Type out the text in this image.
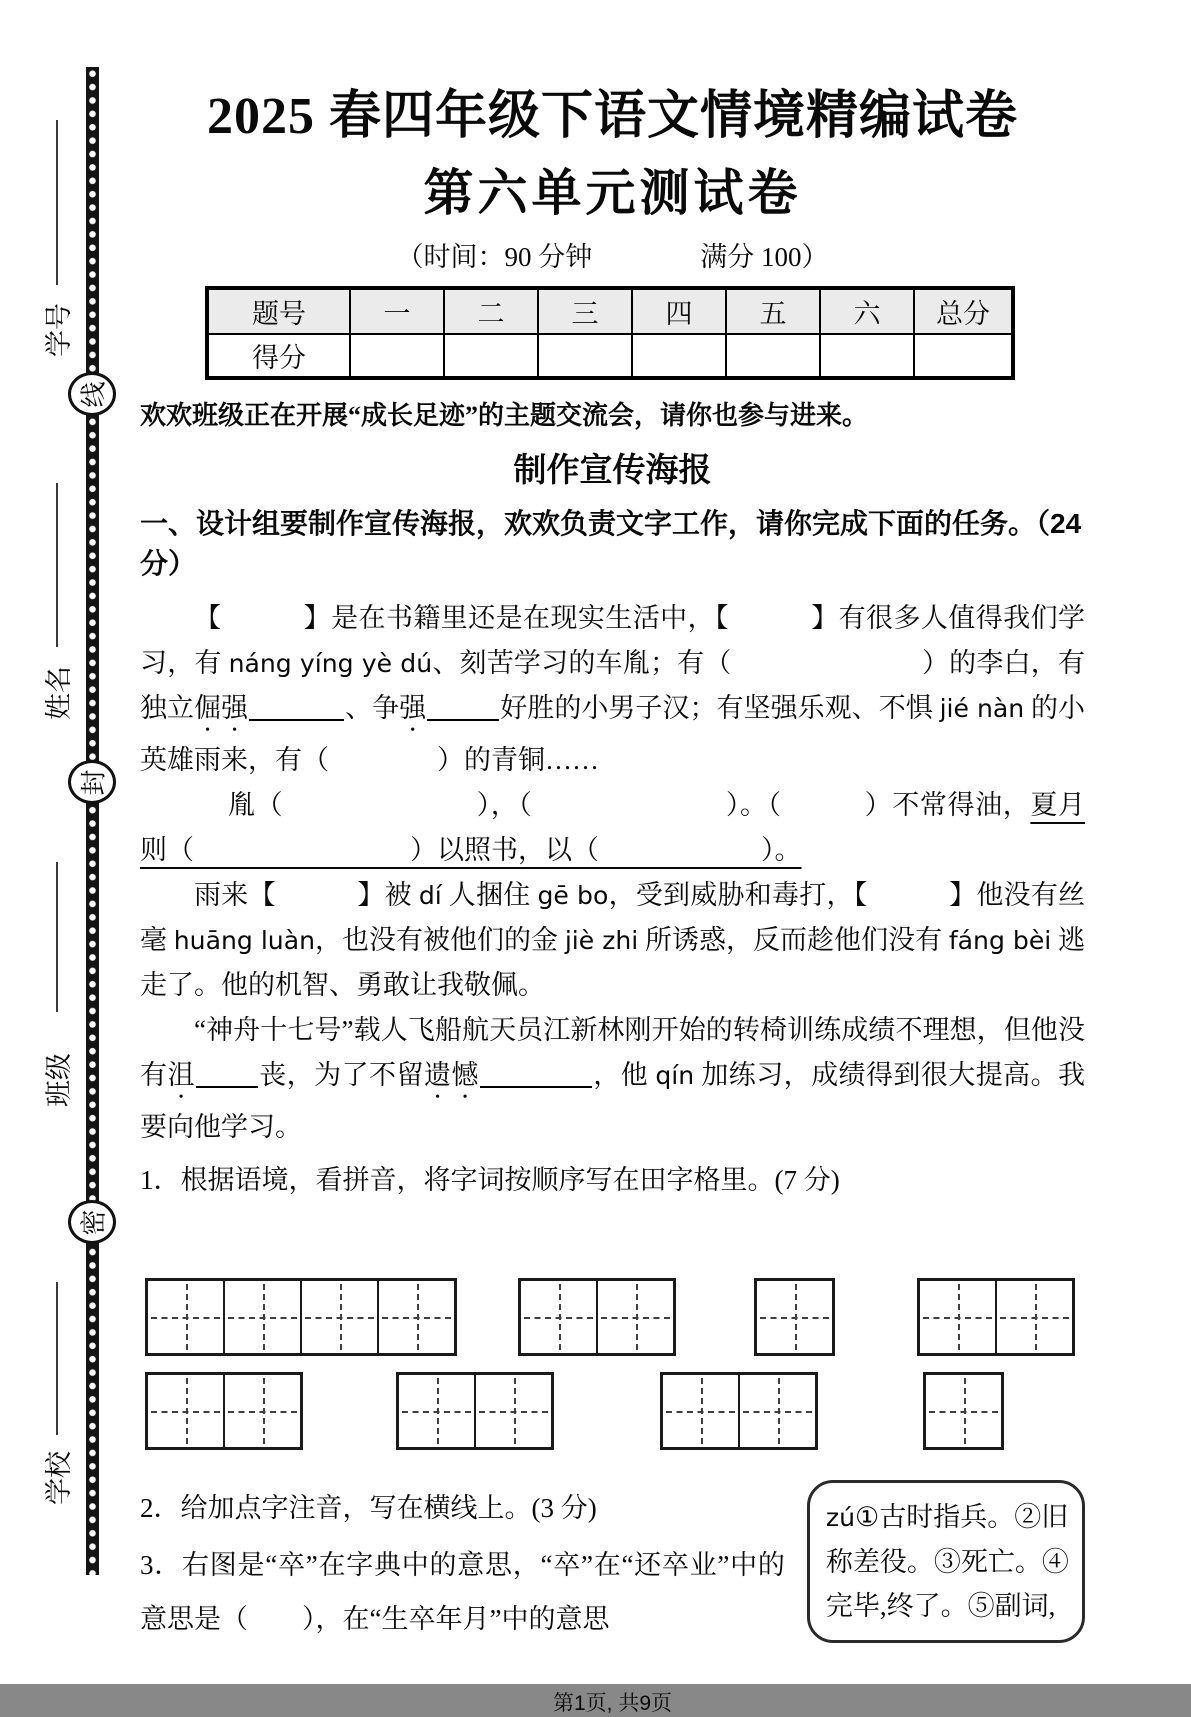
学号
姓名
班级
学校
线
封
密
2025 春四年级下语文情境精编试卷
第六单元测试卷
（时间：90 分钟　　　　满分 100）
题号	一	二	三	四	五	六	总分
得分							

欢欢班级正在开展“成长足迹”的主题交流会，请你也参与进来。

制作宣传海报

一、设计组要制作宣传海报，欢欢负责文字工作，请你完成下面的任务。（24 分）

【　　　】是在书籍里还是在现实生活中，【　　　】有很多人值得我们学习，有 náng yíng yè dú、刻苦学习的车胤；有（　　　　　　　）的李白，有独立倔强	、争强	好胜的小男子汉；有坚强乐观、不惧 jié nàn 的小英雄雨来，有（　　　　）的青铜……

胤（　　　　　　　），（　　　　　　　）。（　　　）不常得油，夏月则（　　　　　　　　）以照书，以（　　　　　　）。

雨来【　　　】被 dí 人捆住 gē bo，受到威胁和毒打，【　　　】他没有丝毫 huāng luàn，也没有被他们的金 jiè zhi 所诱惑，反而趁他们没有 fáng bèi 逃走了。他的机智、勇敢让我敬佩。

“神舟十七号”载人飞船航天员江新林刚开始的转椅训练成绩不理想，但他没有沮 丧，为了不留遗憾	，他 qín 加练习，成绩得到很大提高。我要向他学习。

1．根据语境，看拼音，将字词按顺序写在田字格里。(7 分)

2．给加点字注音，写在横线上。(3 分)

3．右图是“卒”在字典中的意思，“卒”在“还卒业”中的意思是（　　），在“生卒年月”中的意思

zú①古时指兵。②旧称差役。③死亡。④完毕,终了。⑤副词,
第1页, 共9页
